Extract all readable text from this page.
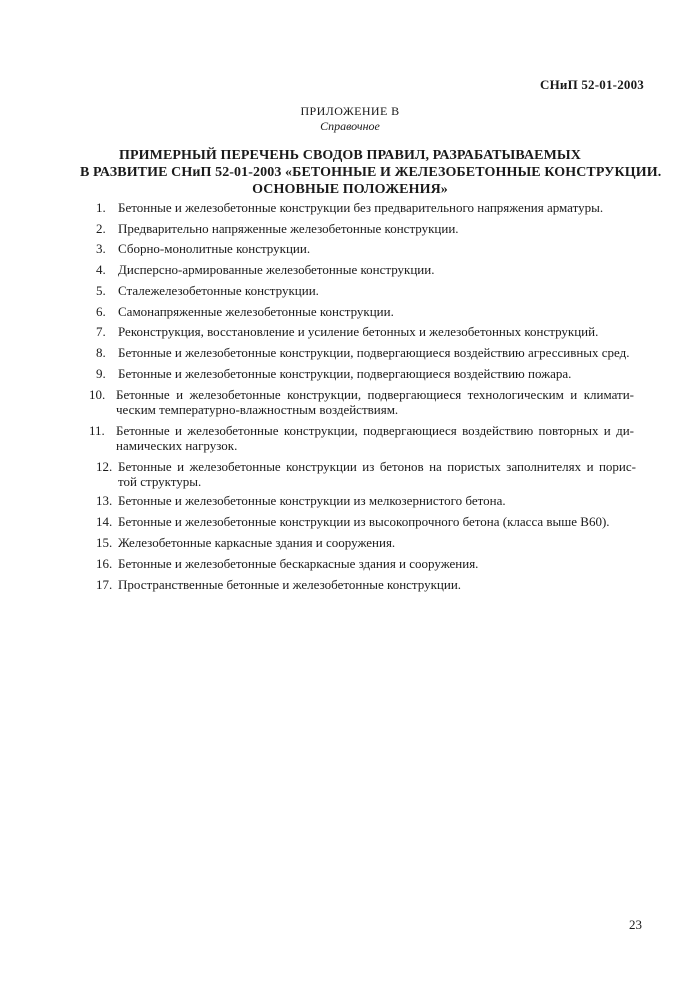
СНиП 52-01-2003
ПРИЛОЖЕНИЕ В
Справочное
ПРИМЕРНЫЙ ПЕРЕЧЕНЬ СВОДОВ ПРАВИЛ, РАЗРАБАТЫВАЕМЫХ
В РАЗВИТИЕ СНиП 52-01-2003 «БЕТОННЫЕ И ЖЕЛЕЗОБЕТОННЫЕ КОНСТРУКЦИИ.
ОСНОВНЫЕ ПОЛОЖЕНИЯ»
1. Бетонные и железобетонные конструкции без предварительного напряжения арматуры.
2. Предварительно напряженные железобетонные конструкции.
3. Сборно-монолитные конструкции.
4. Дисперсно-армированные железобетонные конструкции.
5. Сталежелезобетонные конструкции.
6. Самонапряженные железобетонные конструкции.
7. Реконструкция, восстановление и усиление бетонных и железобетонных конструкций.
8. Бетонные и железобетонные конструкции, подвергающиеся воздействию агрессивных сред.
9. Бетонные и железобетонные конструкции, подвергающиеся воздействию пожара.
10. Бетонные и железобетонные конструкции, подвергающиеся технологическим и климати-
ческим температурно-влажностным воздействиям.
11. Бетонные и железобетонные конструкции, подвергающиеся воздействию повторных и ди-
намических нагрузок.
12. Бетонные и железобетонные конструкции из бетонов на пористых заполнителях и порис-
той структуры.
13. Бетонные и железобетонные конструкции из мелкозернистого бетона.
14. Бетонные и железобетонные конструкции из высокопрочного бетона (класса выше В60).
15. Железобетонные каркасные здания и сооружения.
16. Бетонные и железобетонные бескаркасные здания и сооружения.
17. Пространственные бетонные и железобетонные конструкции.
23
